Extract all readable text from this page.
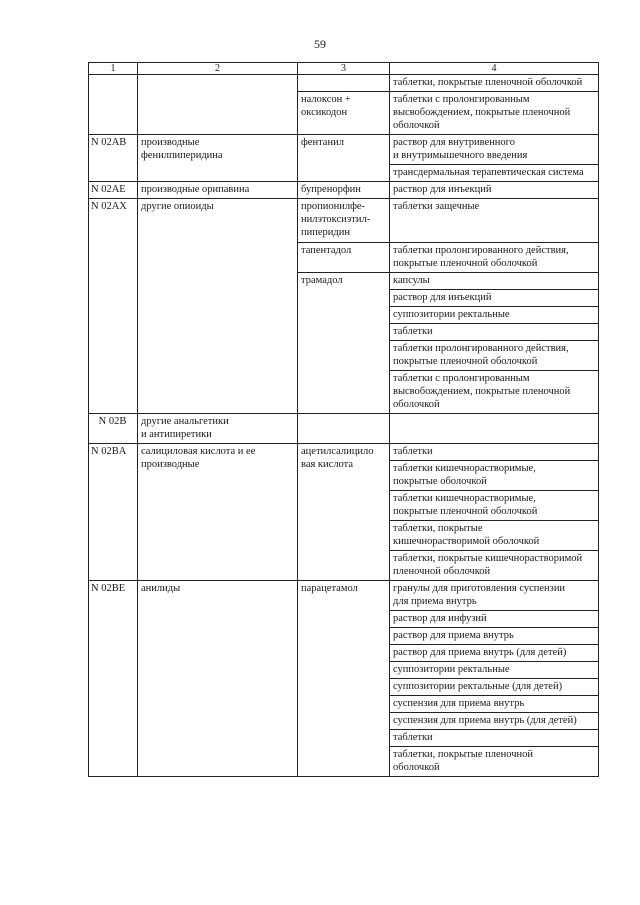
59
1	2	3	4
			таблетки, покрытые пленочной оболочкой
		налоксон +
оксикодон	таблетки с пролонгированным
высвобождением, покрытые пленочной
оболочкой
N 02AB	производные
фенилпиперидина	фентанил	раствор для внутривенного
и внутримышечного введения
			трансдермальная терапевтическая система
N 02AE	производные орипавина	бупренорфин	раствор для инъекций
N 02AX	другие опиоиды	пропионилфе-
нилэтоксиэтил-
пиперидин	таблетки защечные
		тапентадол	таблетки пролонгированного действия,
покрытые пленочной оболочкой
		трамадол	капсулы
			раствор для инъекций
			суппозитории ректальные
			таблетки
			таблетки пролонгированного действия,
покрытые пленочной оболочкой
			таблетки с пролонгированным
высвобождением, покрытые пленочной
оболочкой
N 02B	другие анальгетики
и антипиретики		
N 02BA	салициловая кислота и ее
производные	ацетилсалицило
вая кислота	таблетки
			таблетки кишечнорастворимые,
покрытые оболочкой
			таблетки кишечнорастворимые,
покрытые пленочной оболочкой
			таблетки, покрытые
кишечнорастворимой оболочкой
			таблетки, покрытые кишечнорастворимой
пленочной оболочкой
N 02BE	анилиды	парацетамол	гранулы для приготовления суспензии
для приема внутрь
			раствор для инфузий
			раствор для приема внутрь
			раствор для приема внутрь (для детей)
			суппозитории ректальные
			суппозитории ректальные (для детей)
			суспензия для приема внутрь
			суспензия для приема внутрь (для детей)
			таблетки
			таблетки, покрытые пленочной
оболочкой
